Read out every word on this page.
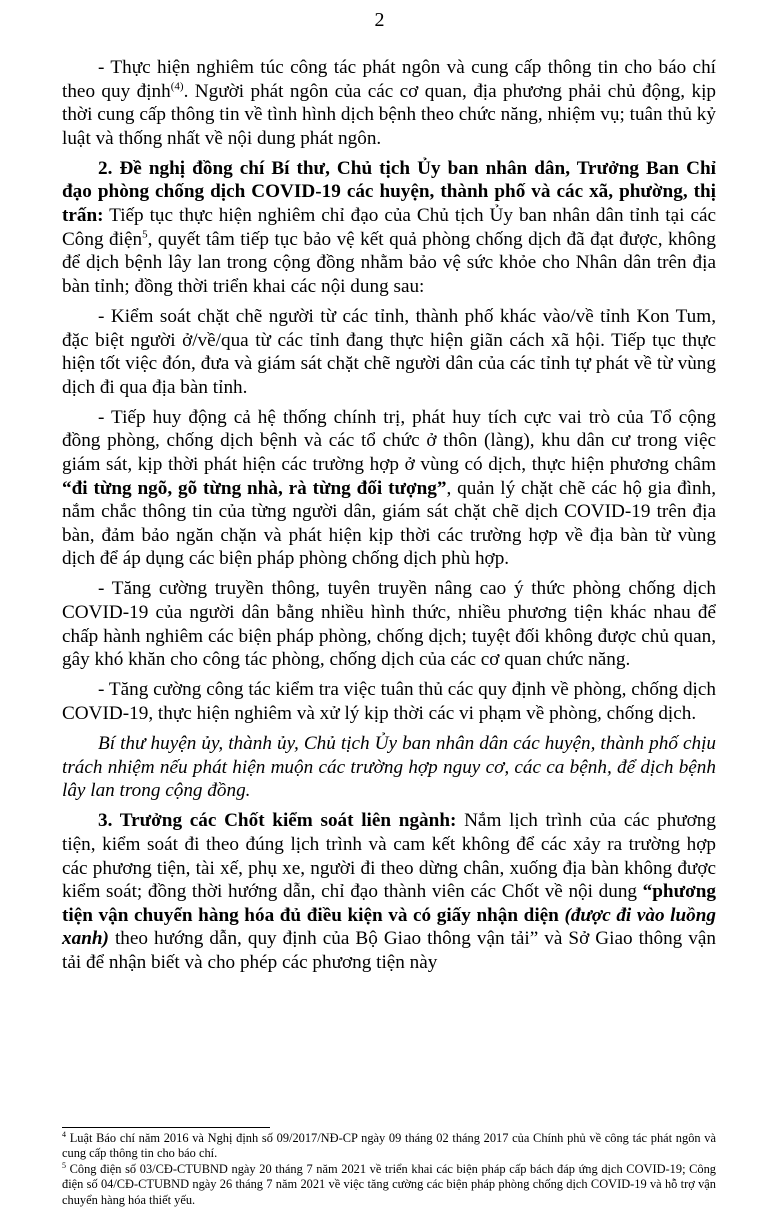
2

- Thực hiện nghiêm túc công tác phát ngôn và cung cấp thông tin cho báo chí theo quy định$^{(4)}$. Người phát ngôn của các cơ quan, địa phương phải chủ động, kịp thời cung cấp thông tin về tình hình dịch bệnh theo chức năng, nhiệm vụ; tuân thủ kỷ luật và thống nhất về nội dung phát ngôn.

2. Đề nghị đồng chí Bí thư, Chủ tịch Ủy ban nhân dân, Trưởng Ban Chỉ đạo phòng chống dịch COVID-19 các huyện, thành phố và các xã, phường, thị trấn: Tiếp tục thực hiện nghiêm chỉ đạo của Chủ tịch Ủy ban nhân dân tỉnh tại các Công điện$^5$, quyết tâm tiếp tục bảo vệ kết quả phòng chống dịch đã đạt được, không để dịch bệnh lây lan trong cộng đồng nhằm bảo vệ sức khỏe cho Nhân dân trên địa bàn tỉnh; đồng thời triển khai các nội dung sau:

- Kiểm soát chặt chẽ người từ các tỉnh, thành phố khác vào/về tỉnh Kon Tum, đặc biệt người ở/về/qua từ các tỉnh đang thực hiện giãn cách xã hội. Tiếp tục thực hiện tốt việc đón, đưa và giám sát chặt chẽ người dân của các tỉnh tự phát về từ vùng dịch đi qua địa bàn tỉnh.

- Tiếp huy động cả hệ thống chính trị, phát huy tích cực vai trò của Tổ cộng đồng phòng, chống dịch bệnh và các tổ chức ở thôn (làng), khu dân cư trong việc giám sát, kịp thời phát hiện các trường hợp ở vùng có dịch, thực hiện phương châm “đi từng ngõ, gõ từng nhà, rà từng đối tượng”, quản lý chặt chẽ các hộ gia đình, nắm chắc thông tin của từng người dân, giám sát chặt chẽ dịch COVID-19 trên địa bàn, đảm bảo ngăn chặn và phát hiện kịp thời các trường hợp về địa bàn từ vùng dịch để áp dụng các biện pháp phòng chống dịch phù hợp.

- Tăng cường truyền thông, tuyên truyền nâng cao ý thức phòng chống dịch COVID-19 của người dân bằng nhiều hình thức, nhiều phương tiện khác nhau để chấp hành nghiêm các biện pháp phòng, chống dịch; tuyệt đối không được chủ quan, gây khó khăn cho công tác phòng, chống dịch của các cơ quan chức năng.

- Tăng cường công tác kiểm tra việc tuân thủ các quy định về phòng, chống dịch COVID-19, thực hiện nghiêm và xử lý kịp thời các vi phạm về phòng, chống dịch.

Bí thư huyện ủy, thành ủy, Chủ tịch Ủy ban nhân dân các huyện, thành phố chịu trách nhiệm nếu phát hiện muộn các trường hợp nguy cơ, các ca bệnh, để dịch bệnh lây lan trong cộng đồng.

3. Trưởng các Chốt kiểm soát liên ngành: Nắm lịch trình của các phương tiện, kiểm soát đi theo đúng lịch trình và cam kết không để các xảy ra trường hợp các phương tiện, tài xế, phụ xe, người đi theo dừng chân, xuống địa bàn không được kiểm soát; đồng thời hướng dẫn, chỉ đạo thành viên các Chốt về nội dung “phương tiện vận chuyển hàng hóa đủ điều kiện và có giấy nhận diện (được đi vào luồng xanh) theo hướng dẫn, quy định của Bộ Giao thông vận tải” và Sở Giao thông vận tải để nhận biết và cho phép các phương tiện này

$^4$ Luật Báo chí năm 2016 và Nghị định số 09/2017/NĐ-CP ngày 09 tháng 02 tháng 2017 của Chính phủ về công tác phát ngôn và cung cấp thông tin cho báo chí.

$^5$ Công điện số 03/CĐ-CTUBND ngày 20 tháng 7 năm 2021 về triển khai các biện pháp cấp bách đáp ứng dịch COVID-19; Công điện số 04/CĐ-CTUBND ngày 26 tháng 7 năm 2021 về việc tăng cường các biện pháp phòng chống dịch COVID-19 và hỗ trợ vận chuyển hàng hóa thiết yếu.
